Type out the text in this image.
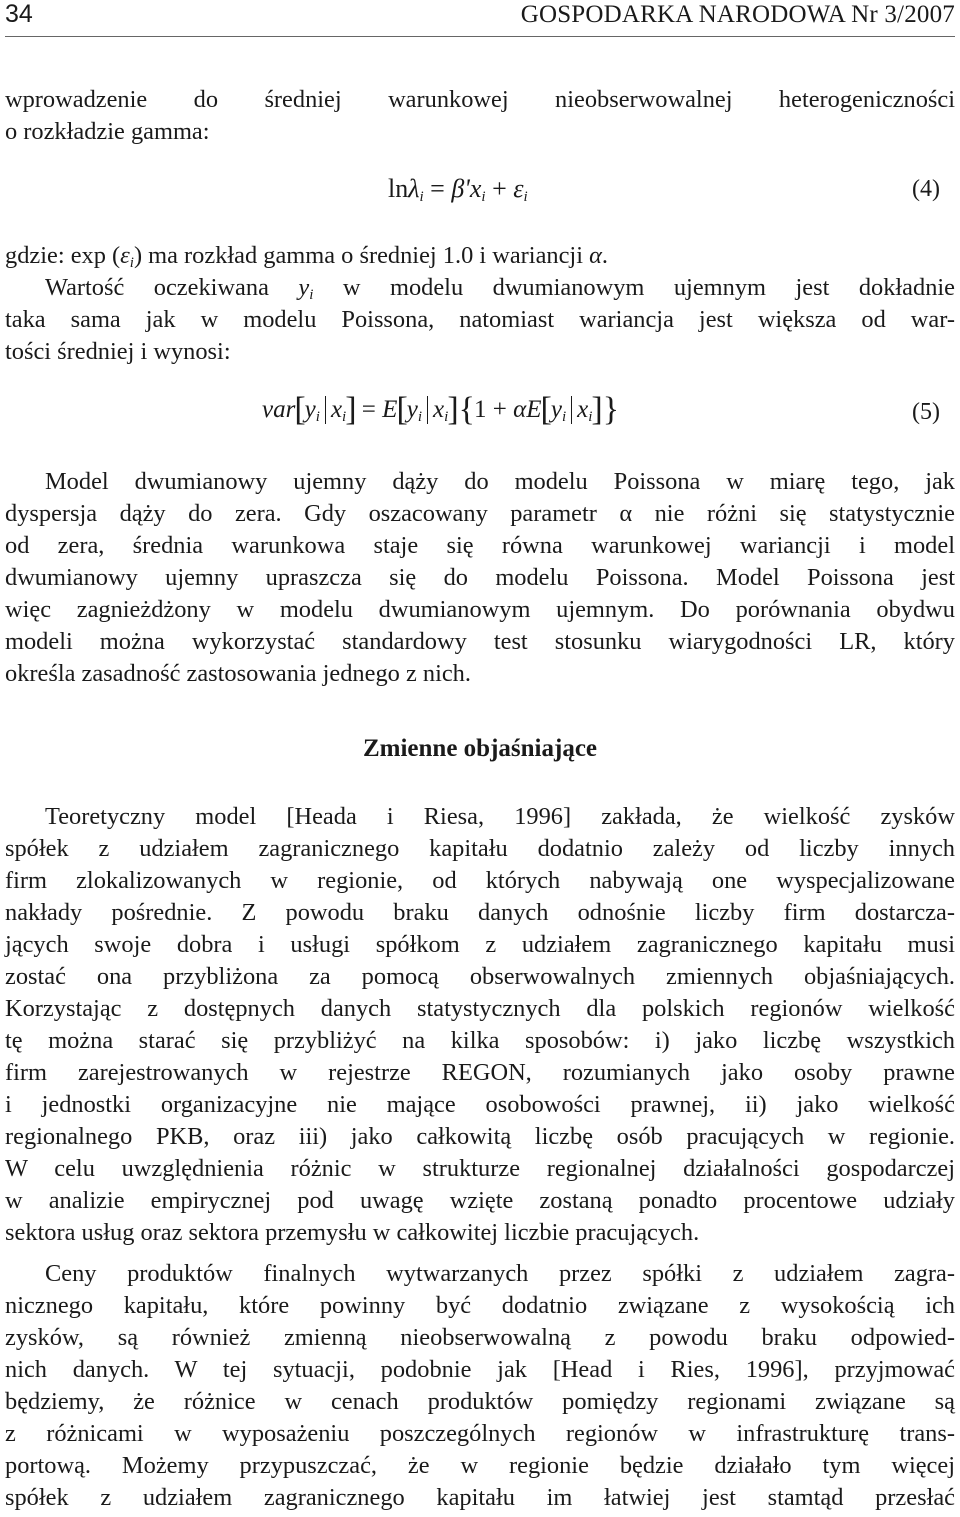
34	GOSPODARKA NARODOWA Nr 3/2007
wprowadzenie do średniej warunkowej nieobserwowalnej heterogeniczności
o rozkładzie gamma:
$\ln\lambda_i = \beta'x_i + \varepsilon_i$	(4)
gdzie: $\exp (\varepsilon_i)$ ma rozkład gamma o średniej 1.0 i wariancji α.
Wartość oczekiwana $y_i$ w modelu dwumianowym ujemnym jest dokładnie
taka sama jak w modelu Poissona, natomiast wariancja jest większa od war-
tości średniej i wynosi:
$var[y_i$ $x_i] = E[y_i$ $x_i]\{1 + \alpha E[y_i$ $x_i$]}	(5)
Model dwumianowy ujemny dąży do modelu Poissona w miarę tego, jak
dyspersja dąży do zera. Gdy oszacowany parametr α nie różni się statystycznie
od zera, średnia warunkowa staje się równa warunkowej wariancji i model
dwumianowy ujemny upraszcza się do modelu Poissona. Model Poissona jest
więc zagnieżdżony w modelu dwumianowym ujemnym. Do porównania obydwu
modeli można wykorzystać standardowy test stosunku wiarygodności LR, który
określa zasadność zastosowania jednego z nich.
Zmienne objaśniające
Teoretyczny model [Heada i Riesa, 1996] zakłada, że wielkość zysków
spółek z udziałem zagranicznego kapitału dodatnio zależy od liczby innych
firm zlokalizowanych w regionie, od których nabywają one wyspecjalizowane
nakłady pośrednie. Z powodu braku danych odnośnie liczby firm dostarcza-
jących swoje dobra i usługi spółkom z udziałem zagranicznego kapitału musi
zostać ona przybliżona za pomocą obserwowalnych zmiennych objaśniających.
Korzystając z dostępnych danych statystycznych dla polskich regionów wielkość
tę można starać się przybliżyć na kilka sposobów: i) jako liczbę wszystkich
firm zarejestrowanych w rejestrze REGON, rozumianych jako osoby prawne
i jednostki organizacyjne nie mające osobowości prawnej, ii) jako wielkość
regionalnego PKB, oraz iii) jako całkowitą liczbę osób pracujących w regionie.
W celu uwzględnienia różnic w strukturze regionalnej działalności gospodarczej
w analizie empirycznej pod uwagę wzięte zostaną ponadto procentowe udziały
sektora usług oraz sektora przemysłu w całkowitej liczbie pracujących.
Ceny produktów finalnych wytwarzanych przez spółki z udziałem zagra-
nicznego kapitału, które powinny być dodatnio związane z wysokością ich
zysków, są również zmienną nieobserwowalną z powodu braku odpowied-
nich danych. W tej sytuacji, podobnie jak [Head i Ries, 1996], przyjmować
będziemy, że różnice w cenach produktów pomiędzy regionami związane są
z różnicami w wyposażeniu poszczególnych regionów w infrastrukturę trans-
portową. Możemy przypuszczać, że w regionie będzie działało tym więcej
spółek z udziałem zagranicznego kapitału im łatwiej jest stamtąd przesłać
